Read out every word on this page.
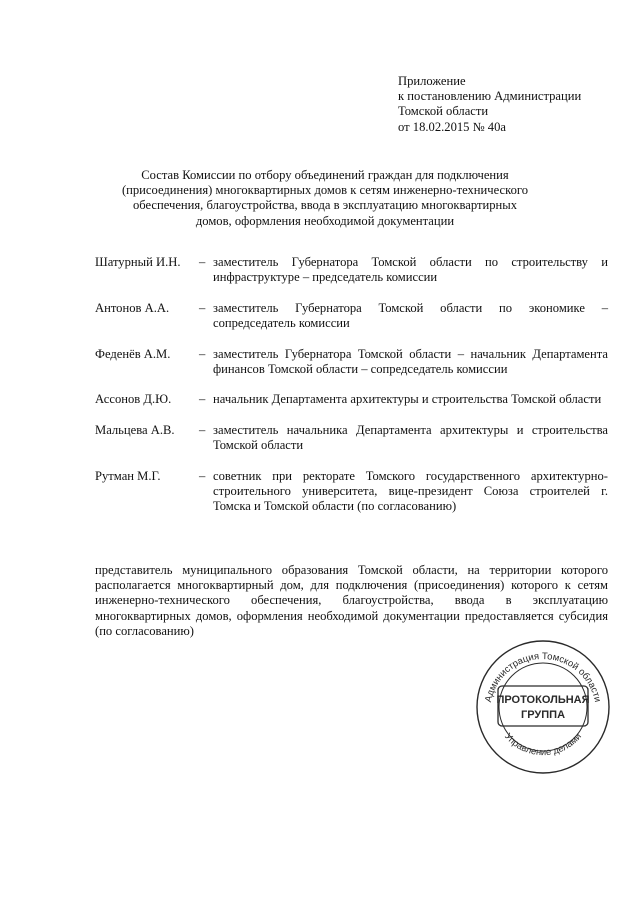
Приложение
к постановлению Администрации
Томской области
от 18.02.2015 № 40а
Состав Комиссии по отбору объединений граждан для подключения
(присоединения) многоквартирных домов к сетям инженерно-технического
обеспечения, благоустройства, ввода в эксплуатацию многоквартирных
домов, оформления необходимой документации
Шатурный И.Н.	– заместитель Губернатора Томской области по строительству и инфраструктуре – председатель комиссии
Антонов А.А.	– заместитель Губернатора Томской области по экономике – сопредседатель комиссии
Феденёв А.М.	– заместитель Губернатора Томской области – начальник Департамента финансов Томской области – сопредседатель комиссии
Ассонов Д.Ю.	– начальник Департамента архитектуры и строительства Томской области
Мальцева А.В.	– заместитель начальника Департамента архитектуры и строительства Томской области
Рутман М.Г.	– советник при ректорате Томского государственного архитектурно-строительного университета, вице-президент Союза строителей г. Томска и Томской области (по согласованию)
представитель муниципального образования Томской области, на территории которого располагается многоквартирный дом, для подключения (присоединения) которого к сетям инженерно-технического обеспечения, благоустройства, ввода в эксплуатацию многоквартирных домов, оформления необходимой документации предоставляется субсидия (по согласованию)
Администрация Томской области
Управление делами
ПРОТОКОЛЬНАЯ
ГРУППА
